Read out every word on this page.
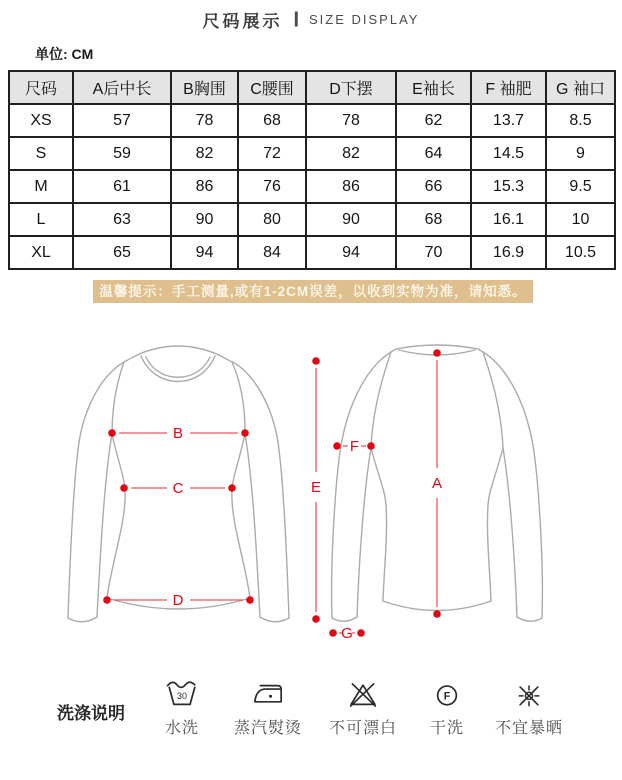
尺码展示 | SIZE DISPLAY
单位: CM
尺码	A后中长	B胸围	C腰围	D下摆	E袖长	F 袖肥	G 袖口
XS	57	78	68	78	62	13.7	8.5
S	59	82	72	82	64	14.5	9
M	61	86	76	86	66	15.3	9.5
L	63	90	80	90	68	16.1	10
XL	65	94	84	94	70	16.9	10.5
温馨提示：手工测量,或有1-2CM误差，以收到实物为准，请知悉。
B
C
D
E	A
F
G
洗涤说明
30
水洗	蒸汽熨烫	不可漂白
F
干洗	不宜暴晒
